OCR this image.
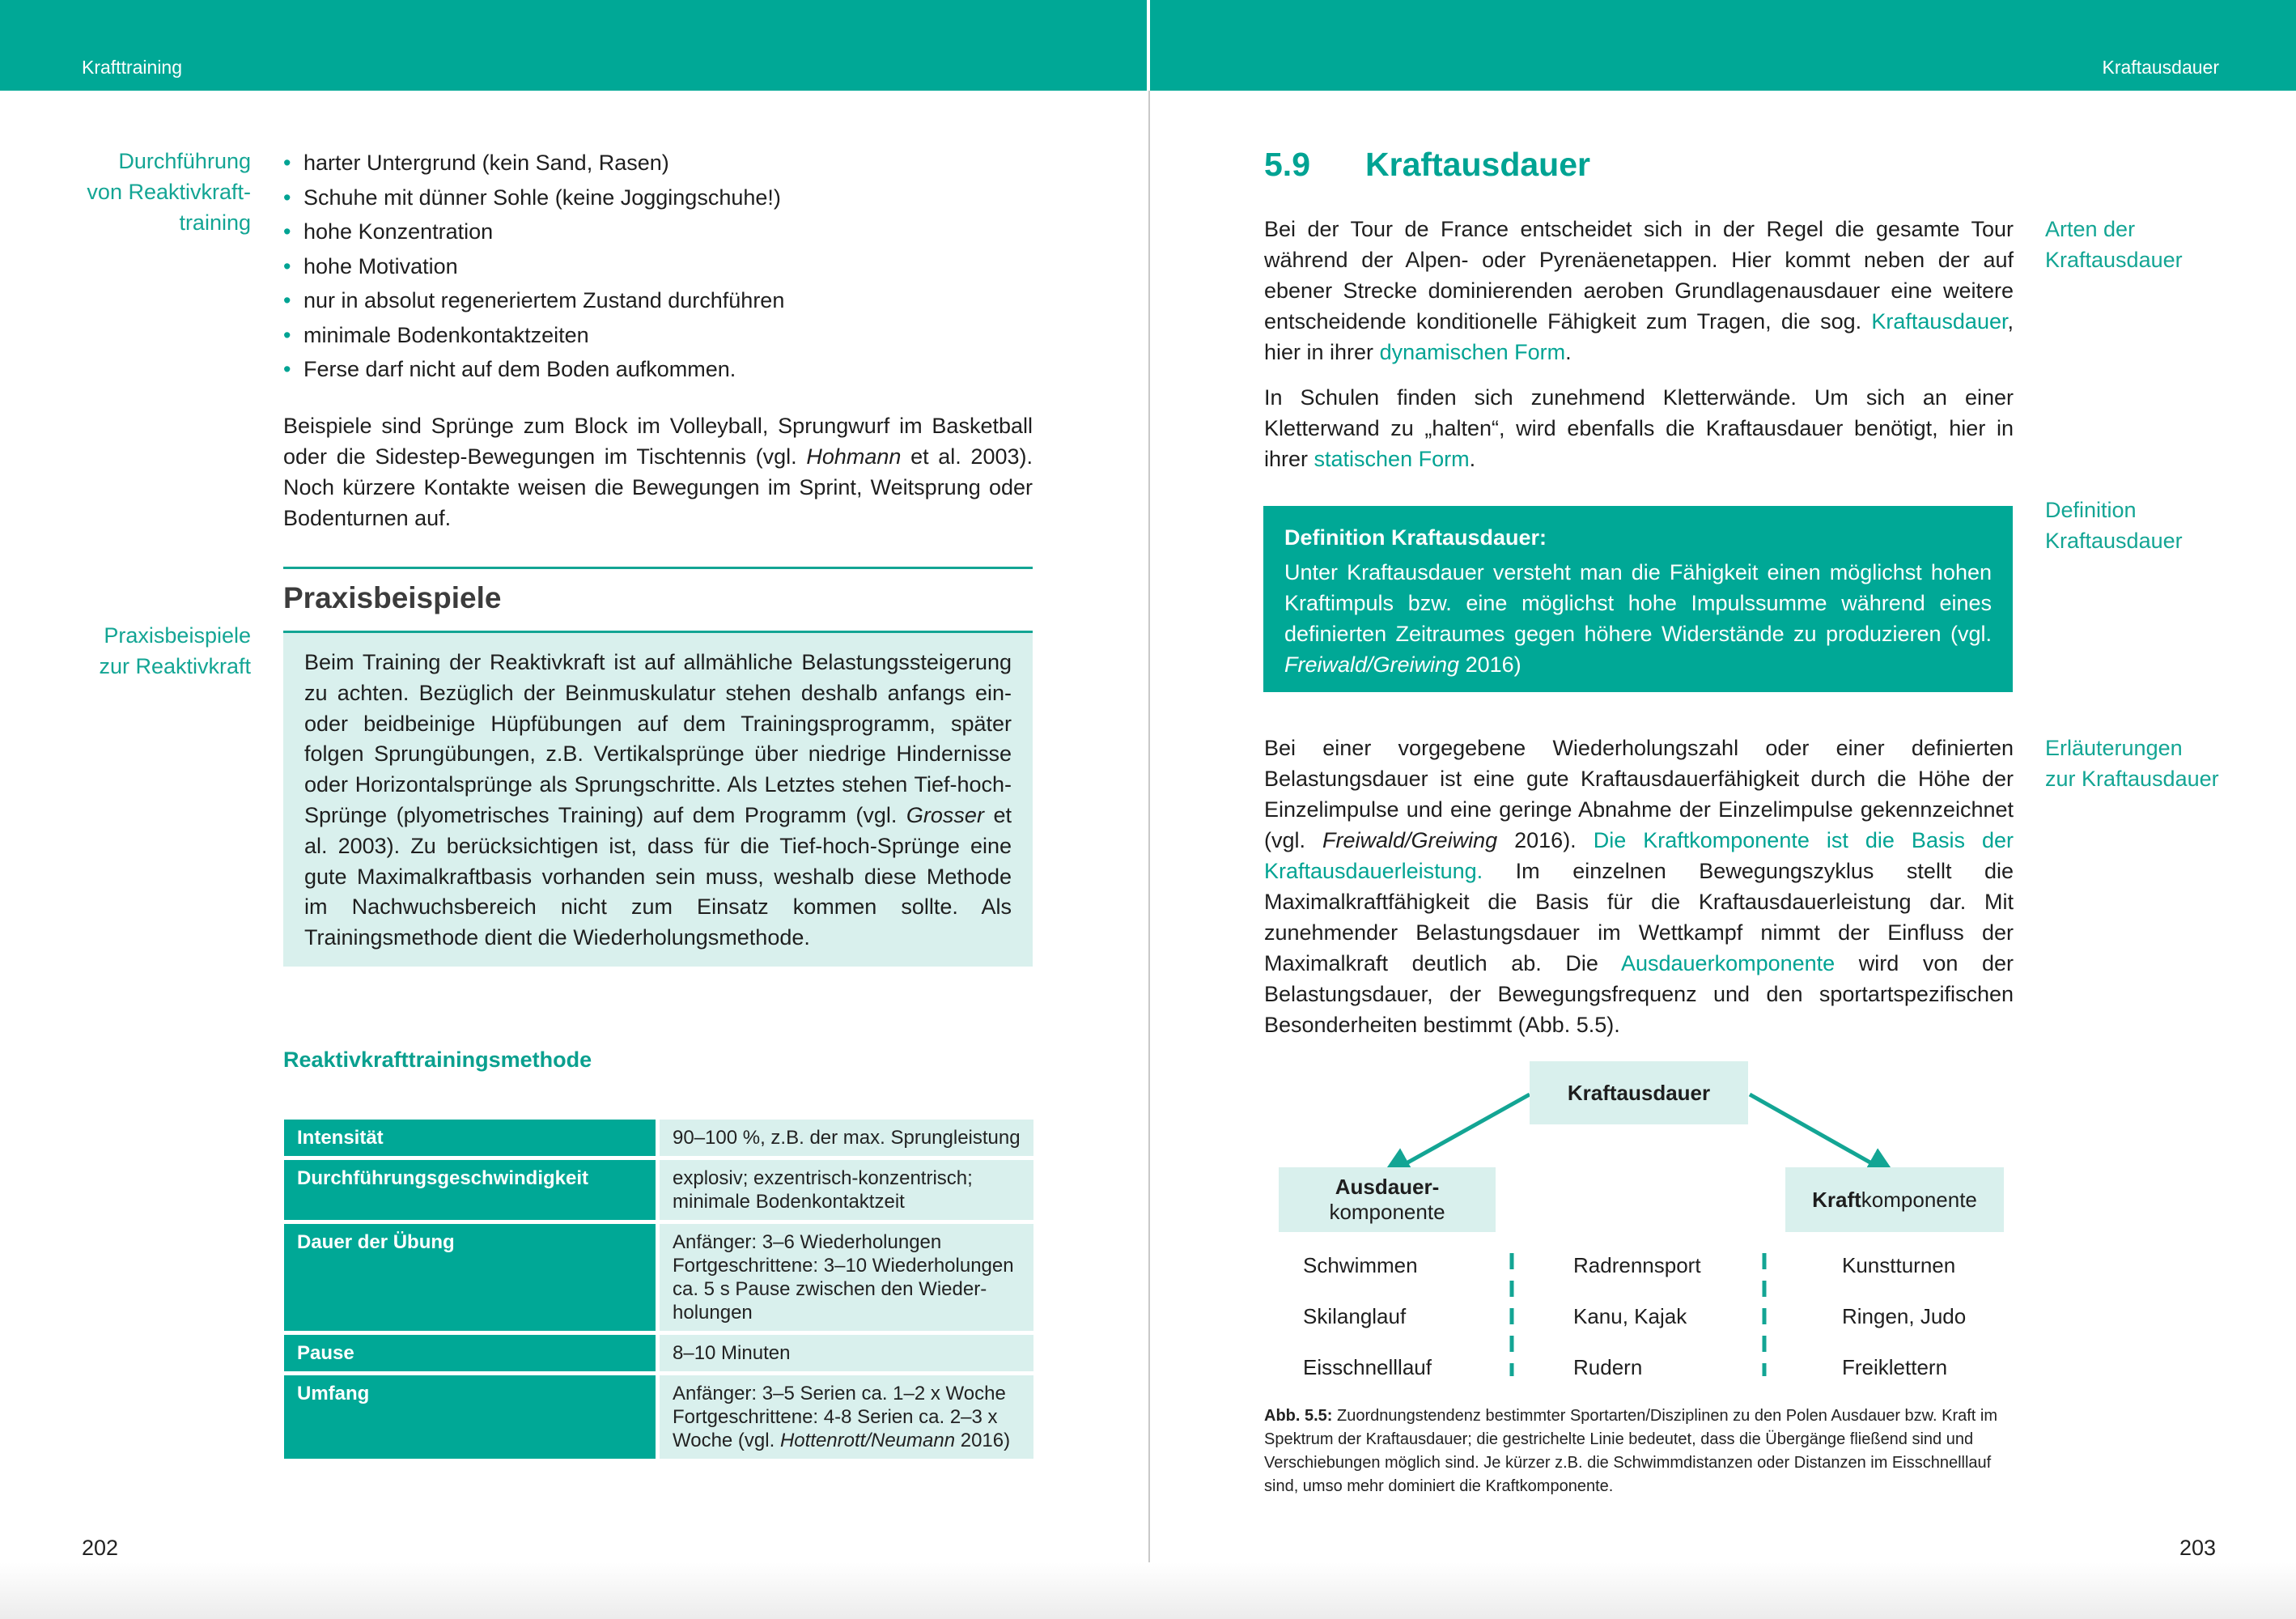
Krafttraining
Durchführung
von Reaktivkraft-
training
• harter Untergrund (kein Sand, Rasen)
• Schuhe mit dünner Sohle (keine Joggingschuhe!)
• hohe Konzentration
• hohe Motivation
• nur in absolut regeneriertem Zustand durchführen
• minimale Bodenkontaktzeiten
• Ferse darf nicht auf dem Boden aufkommen.
Beispiele sind Sprünge zum Block im Volleyball, Sprungwurf im Basketball oder die Sidestep-Bewegungen im Tischtennis (vgl. Hohmann et al. 2003). Noch kürzere Kontakte weisen die Bewegungen im Sprint, Weitsprung oder Bodenturnen auf.
Praxisbeispiele
Praxisbeispiele
zur Reaktivkraft	Beim Training der Reaktivkraft ist auf allmähliche Belastungssteigerung zu achten. Bezüglich der Beinmuskulatur stehen deshalb anfangs ein- oder beidbeinige Hüpfübungen auf dem Trainingsprogramm, später folgen Sprungübungen, z.B. Vertikalsprünge über niedrige Hindernisse oder Horizontalsprünge als Sprungschritte. Als Letztes stehen Tief-hoch-Sprünge (plyometrisches Training) auf dem Programm (vgl. Grosser et al. 2003). Zu berücksichtigen ist, dass für die Tief-hoch-Sprünge eine gute Maximalkraftbasis vorhanden sein muss, weshalb diese Methode im Nachwuchsbereich nicht zum Einsatz kommen sollte. Als Trainingsmethode dient die Wiederholungsmethode.
Reaktivkrafttrainingsmethode
Intensität	90–100 %, z.B. der max. Sprungleistung

Durchführungsgeschwindigkeit	explosiv; exzentrisch-konzentrisch;
minimale Bodenkontaktzeit

Dauer der Übung	Anfänger: 3–6 Wiederholungen
Fortgeschrittene: 3–10 Wiederholungen
ca. 5 s Pause zwischen den Wieder-
holungen

Pause	8–10 Minuten

Umfang	Anfänger: 3–5 Serien ca. 1–2 x Woche
Fortgeschrittene: 4-8 Serien ca. 2–3 x
Woche (vgl. Hottenrott/Neumann 2016)
202
Kraftausdauer
5.9 Kraftausdauer
Bei der Tour de France entscheidet sich in der Regel die gesamte Tour während der Alpen- oder Pyrenäenetappen. Hier kommt neben der auf ebener Strecke dominierenden aeroben Grundlagenausdauer eine weitere entscheidende konditionelle Fähigkeit zum Tragen, die sog. Kraftausdauer, hier in ihrer dynamischen Form.
In Schulen finden sich zunehmend Kletterwände. Um sich an einer Kletterwand zu „halten“, wird ebenfalls die Kraftausdauer benötigt, hier in ihrer statischen Form.
Arten der
Kraftausdauer
Definition
Kraftausdauer
Erläuterungen
zur Kraftausdauer
Definition Kraftausdauer:
Unter Kraftausdauer versteht man die Fähigkeit einen möglichst hohen Kraftimpuls bzw. eine möglichst hohe Impulssumme während eines definierten Zeitraumes gegen höhere Widerstände zu produzieren (vgl. Freiwald/Greiwing 2016)
Bei einer vorgegebene Wiederholungszahl oder einer definierten Belastungsdauer ist eine gute Kraftausdauerfähigkeit durch die Höhe der Einzelimpulse und eine geringe Abnahme der Einzelimpulse gekennzeichnet (vgl. Freiwald/Greiwing 2016). Die Kraftkomponente ist die Basis der Kraftausdauerleistung. Im einzelnen Bewegungszyklus stellt die Maximalkraftfähigkeit die Basis für die Kraftausdauerleistung dar. Mit zunehmender Belastungsdauer im Wettkampf nimmt der Einfluss der Maximalkraft deutlich ab. Die Ausdauerkomponente wird von der Belastungsdauer, der Bewegungsfrequenz und den sportartspezifischen Besonderheiten bestimmt (Abb. 5.5).
Kraftausdauer
Ausdauer-
komponente
Kraftkomponente
Schwimmen
Skilanglauf
Eisschnelllauf
Radrennsport
Kanu, Kajak
Rudern
Kunstturnen
Ringen, Judo
Freiklettern
Abb. 5.5: Zuordnungstendenz bestimmter Sportarten/Disziplinen zu den Polen Ausdauer bzw. Kraft im Spektrum der Kraftausdauer; die gestrichelte Linie bedeutet, dass die Übergänge fließend sind und Verschiebungen möglich sind. Je kürzer z.B. die Schwimmdistanzen oder Distanzen im Eisschnelllauf sind, umso mehr dominiert die Kraftkomponente.
203
